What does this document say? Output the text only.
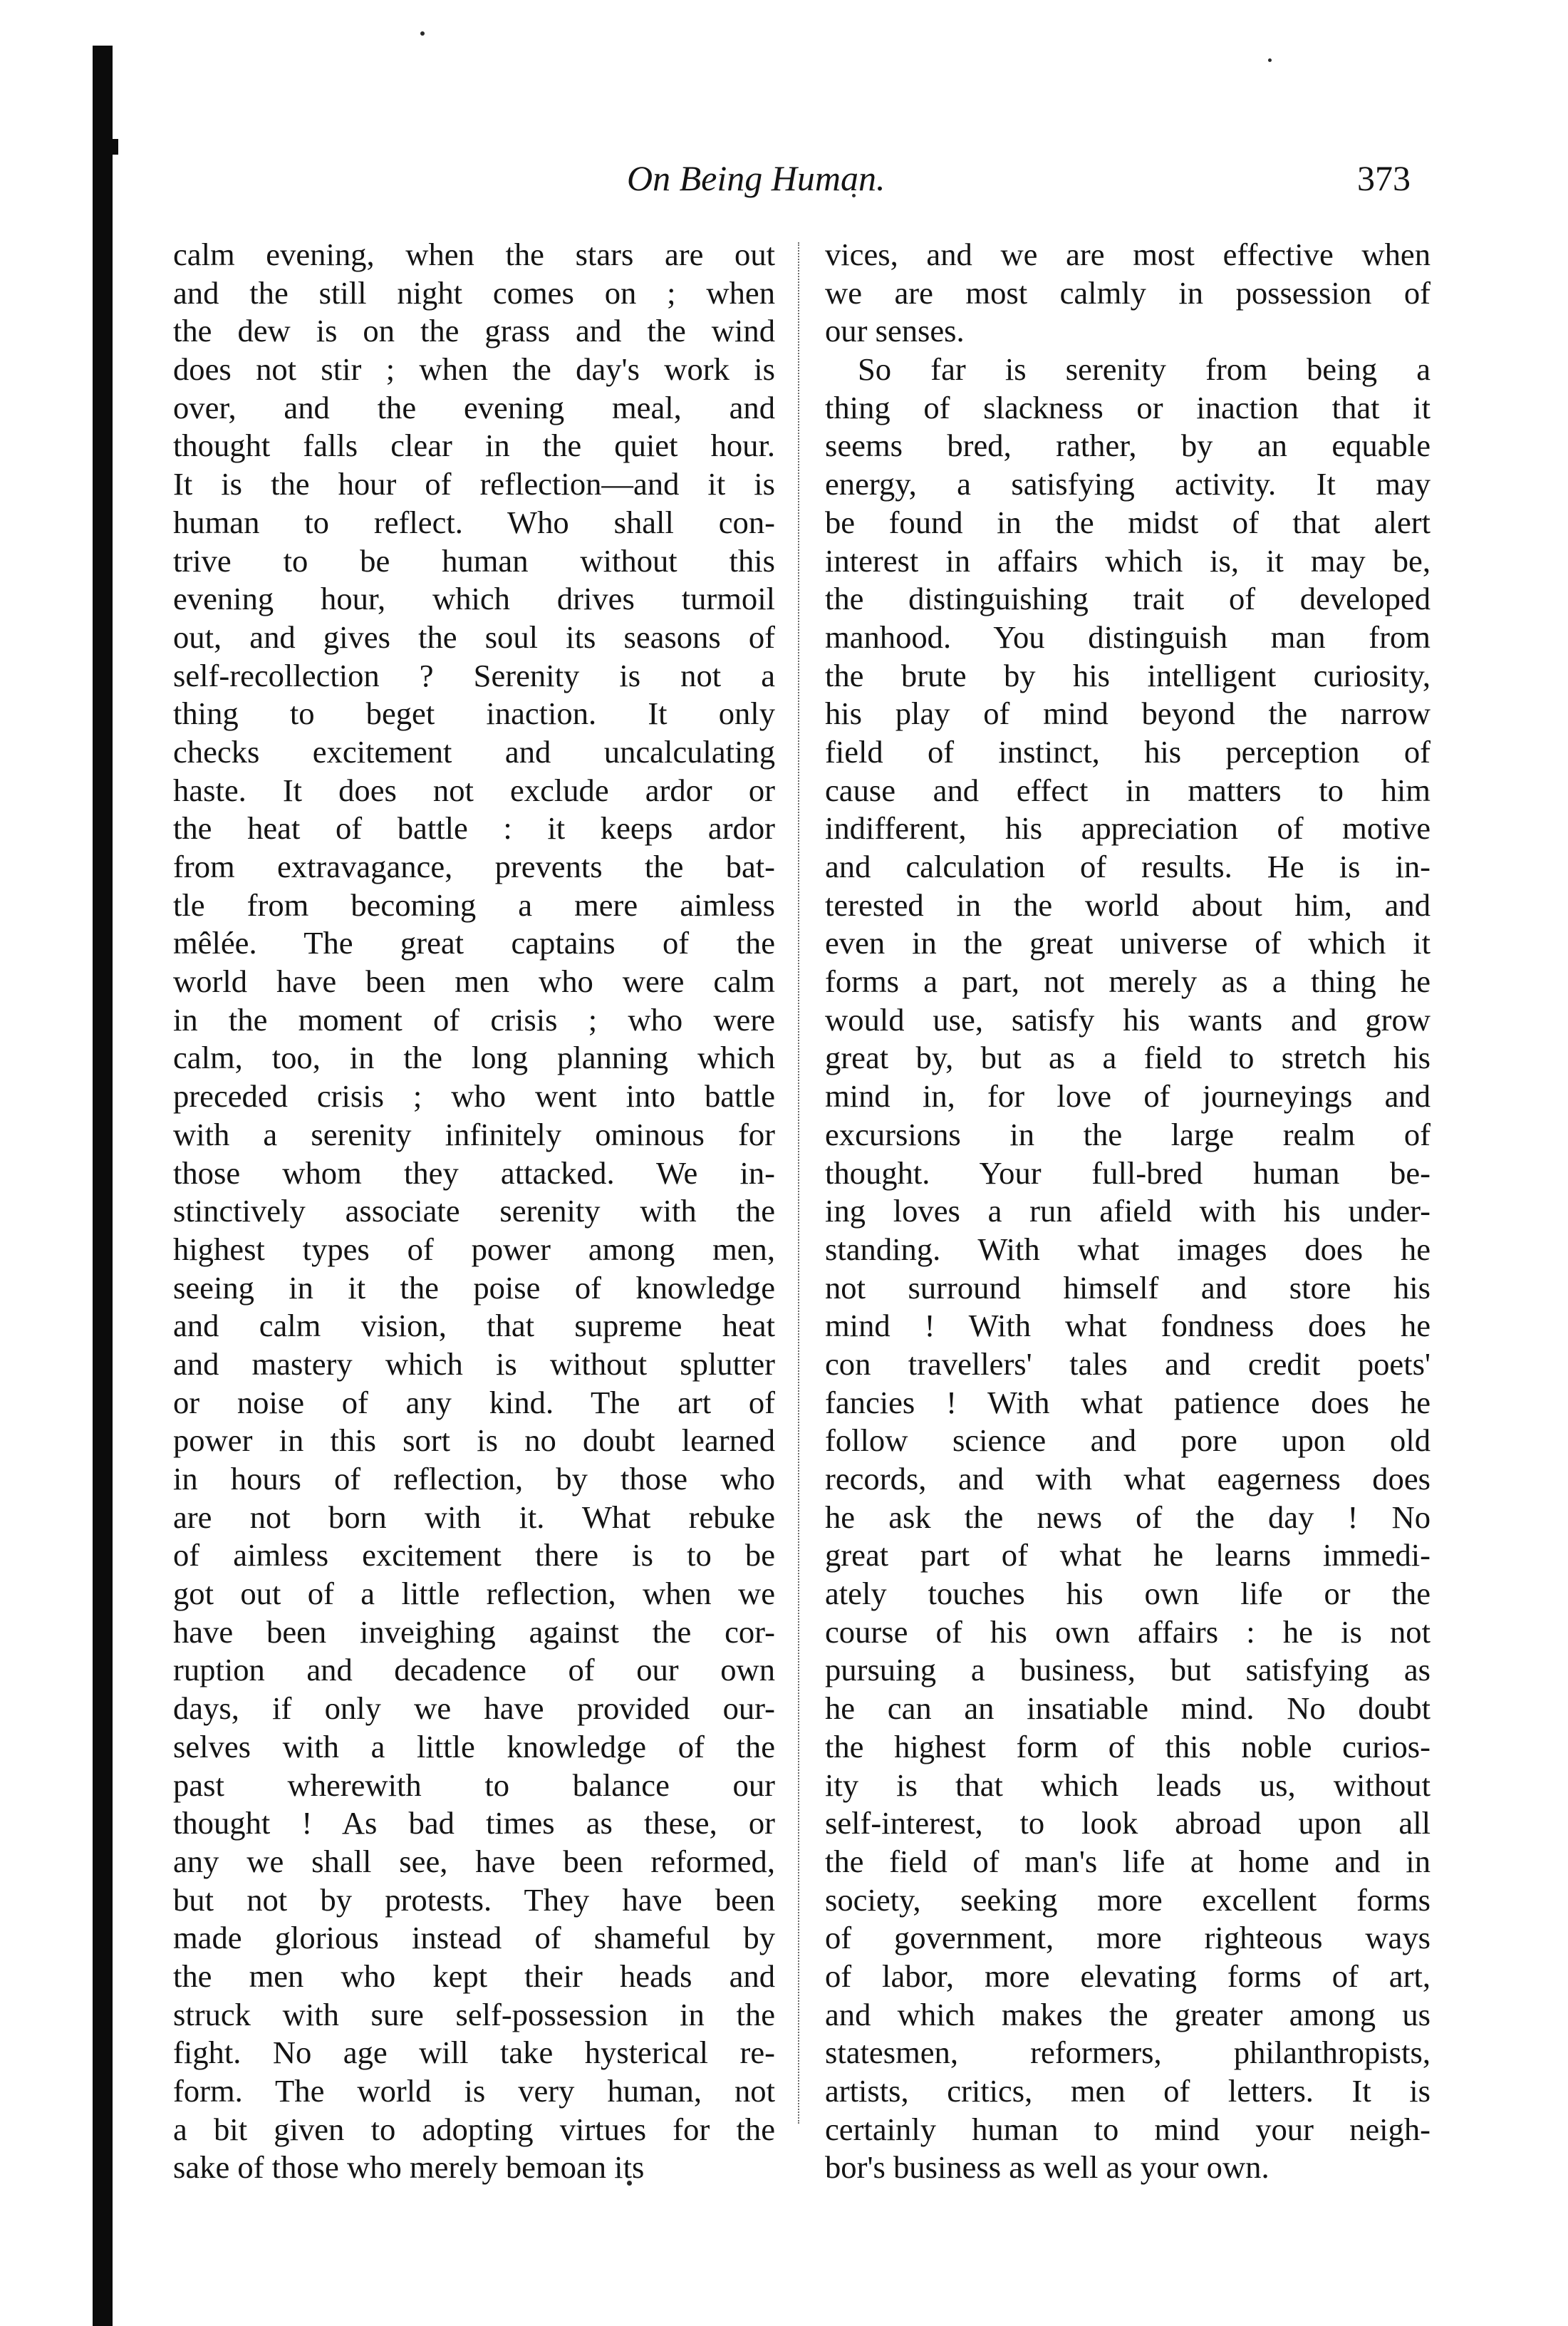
On Being Human.	373
calm evening, when the stars are out
and the still night comes on ; when
the dew is on the grass and the wind
does not stir ; when the day's work is
over, and the evening meal, and
thought falls clear in the quiet hour.
It is the hour of reflection—and it is
human to reflect. Who shall con-
trive to be human without this
evening hour, which drives turmoil
out, and gives the soul its seasons of
self-recollection ? Serenity is not a
thing to beget inaction. It only
checks excitement and uncalculating
haste. It does not exclude ardor or
the heat of battle : it keeps ardor
from extravagance, prevents the bat-
tle from becoming a mere aimless
mêlée. The great captains of the
world have been men who were calm
in the moment of crisis ; who were
calm, too, in the long planning which
preceded crisis ; who went into battle
with a serenity infinitely ominous for
those whom they attacked. We in-
stinctively associate serenity with the
highest types of power among men,
seeing in it the poise of knowledge
and calm vision, that supreme heat
and mastery which is without splutter
or noise of any kind. The art of
power in this sort is no doubt learned
in hours of reflection, by those who
are not born with it. What rebuke
of aimless excitement there is to be
got out of a little reflection, when we
have been inveighing against the cor-
ruption and decadence of our own
days, if only we have provided our-
selves with a little knowledge of the
past wherewith to balance our
thought ! As bad times as these, or
any we shall see, have been reformed,
but not by protests. They have been
made glorious instead of shameful by
the men who kept their heads and
struck with sure self-possession in the
fight. No age will take hysterical re-
form. The world is very human, not
a bit given to adopting virtues for the
sake of those who merely bemoan its
vices, and we are most effective when
we are most calmly in possession of
our senses.
So far is serenity from being a
thing of slackness or inaction that it
seems bred, rather, by an equable
energy, a satisfying activity. It may
be found in the midst of that alert
interest in affairs which is, it may be,
the distinguishing trait of developed
manhood. You distinguish man from
the brute by his intelligent curiosity,
his play of mind beyond the narrow
field of instinct, his perception of
cause and effect in matters to him
indifferent, his appreciation of motive
and calculation of results. He is in-
terested in the world about him, and
even in the great universe of which it
forms a part, not merely as a thing he
would use, satisfy his wants and grow
great by, but as a field to stretch his
mind in, for love of journeyings and
excursions in the large realm of
thought. Your full-bred human be-
ing loves a run afield with his under-
standing. With what images does he
not surround himself and store his
mind ! With what fondness does he
con travellers' tales and credit poets'
fancies ! With what patience does he
follow science and pore upon old
records, and with what eagerness does
he ask the news of the day ! No
great part of what he learns immedi-
ately touches his own life or the
course of his own affairs : he is not
pursuing a business, but satisfying as
he can an insatiable mind. No doubt
the highest form of this noble curios-
ity is that which leads us, without
self-interest, to look abroad upon all
the field of man's life at home and in
society, seeking more excellent forms
of government, more righteous ways
of labor, more elevating forms of art,
and which makes the greater among us
statesmen, reformers, philanthropists,
artists, critics, men of letters. It is
certainly human to mind your neigh-
bor's business as well as your own.
